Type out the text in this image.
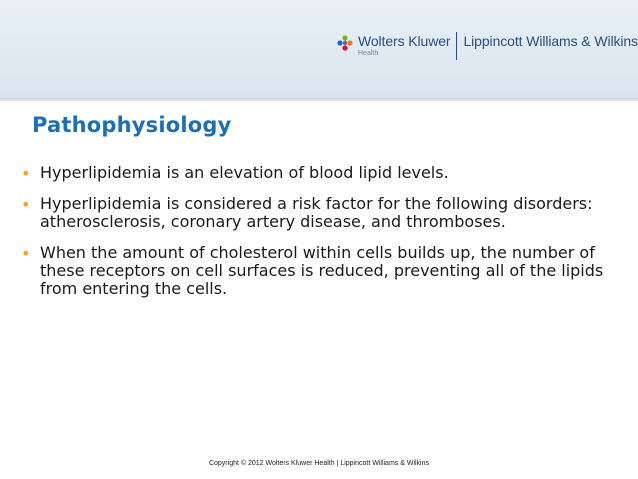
Wolters Kluwer
Health
Lippincott Williams & Wilkins
Pathophysiology
• Hyperlipidemia is an elevation of blood lipid levels.
• Hyperlipidemia is considered a risk factor for the following disorders: atherosclerosis, coronary artery disease, and thromboses.
• When the amount of cholesterol within cells builds up, the number of these receptors on cell surfaces is reduced, preventing all of the lipids from entering the cells.
Copyright © 2012 Wolters Kluwer Health | Lippincott Williams & Wilkins
